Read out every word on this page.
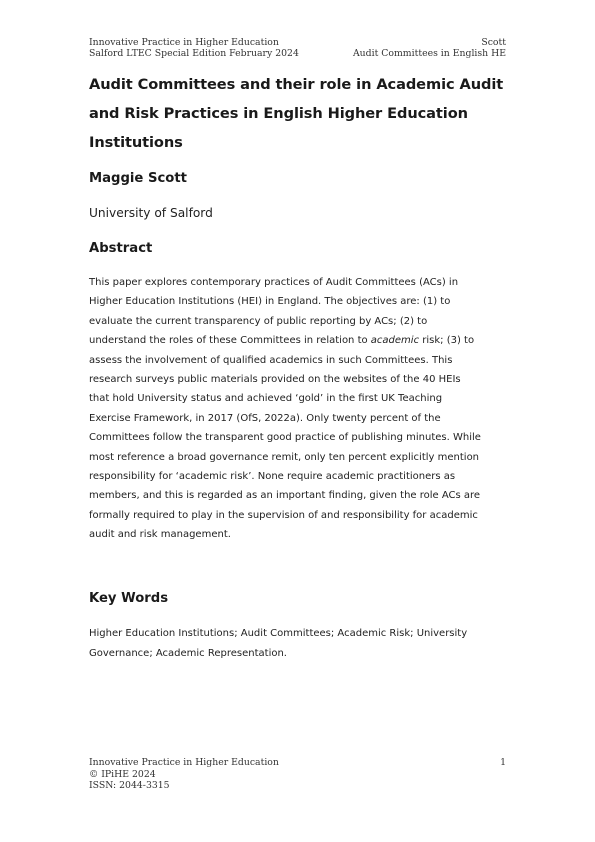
Innovative Practice in Higher Education
Salford LTEC Special Edition February 2024
Scott
Audit Committees in English HE
Audit Committees and their role in Academic Audit
and Risk Practices in English Higher Education
Institutions
Maggie Scott
University of Salford
Abstract
This paper explores contemporary practices of Audit Committees (ACs) in
Higher Education Institutions (HEI) in England. The objectives are: (1) to
evaluate the current transparency of public reporting by ACs; (2) to
understand the roles of these Committees in relation to academic risk; (3) to
assess the involvement of qualified academics in such Committees. This
research surveys public materials provided on the websites of the 40 HEIs
that hold University status and achieved ‘gold’ in the first UK Teaching
Exercise Framework, in 2017 (OfS, 2022a). Only twenty percent of the
Committees follow the transparent good practice of publishing minutes. While
most reference a broad governance remit, only ten percent explicitly mention
responsibility for ‘academic risk’. None require academic practitioners as
members, and this is regarded as an important finding, given the role ACs are
formally required to play in the supervision of and responsibility for academic
audit and risk management.
Key Words
Higher Education Institutions; Audit Committees; Academic Risk; University
Governance; Academic Representation.
Innovative Practice in Higher Education
© IPiHE 2024
ISSN: 2044-3315
1
